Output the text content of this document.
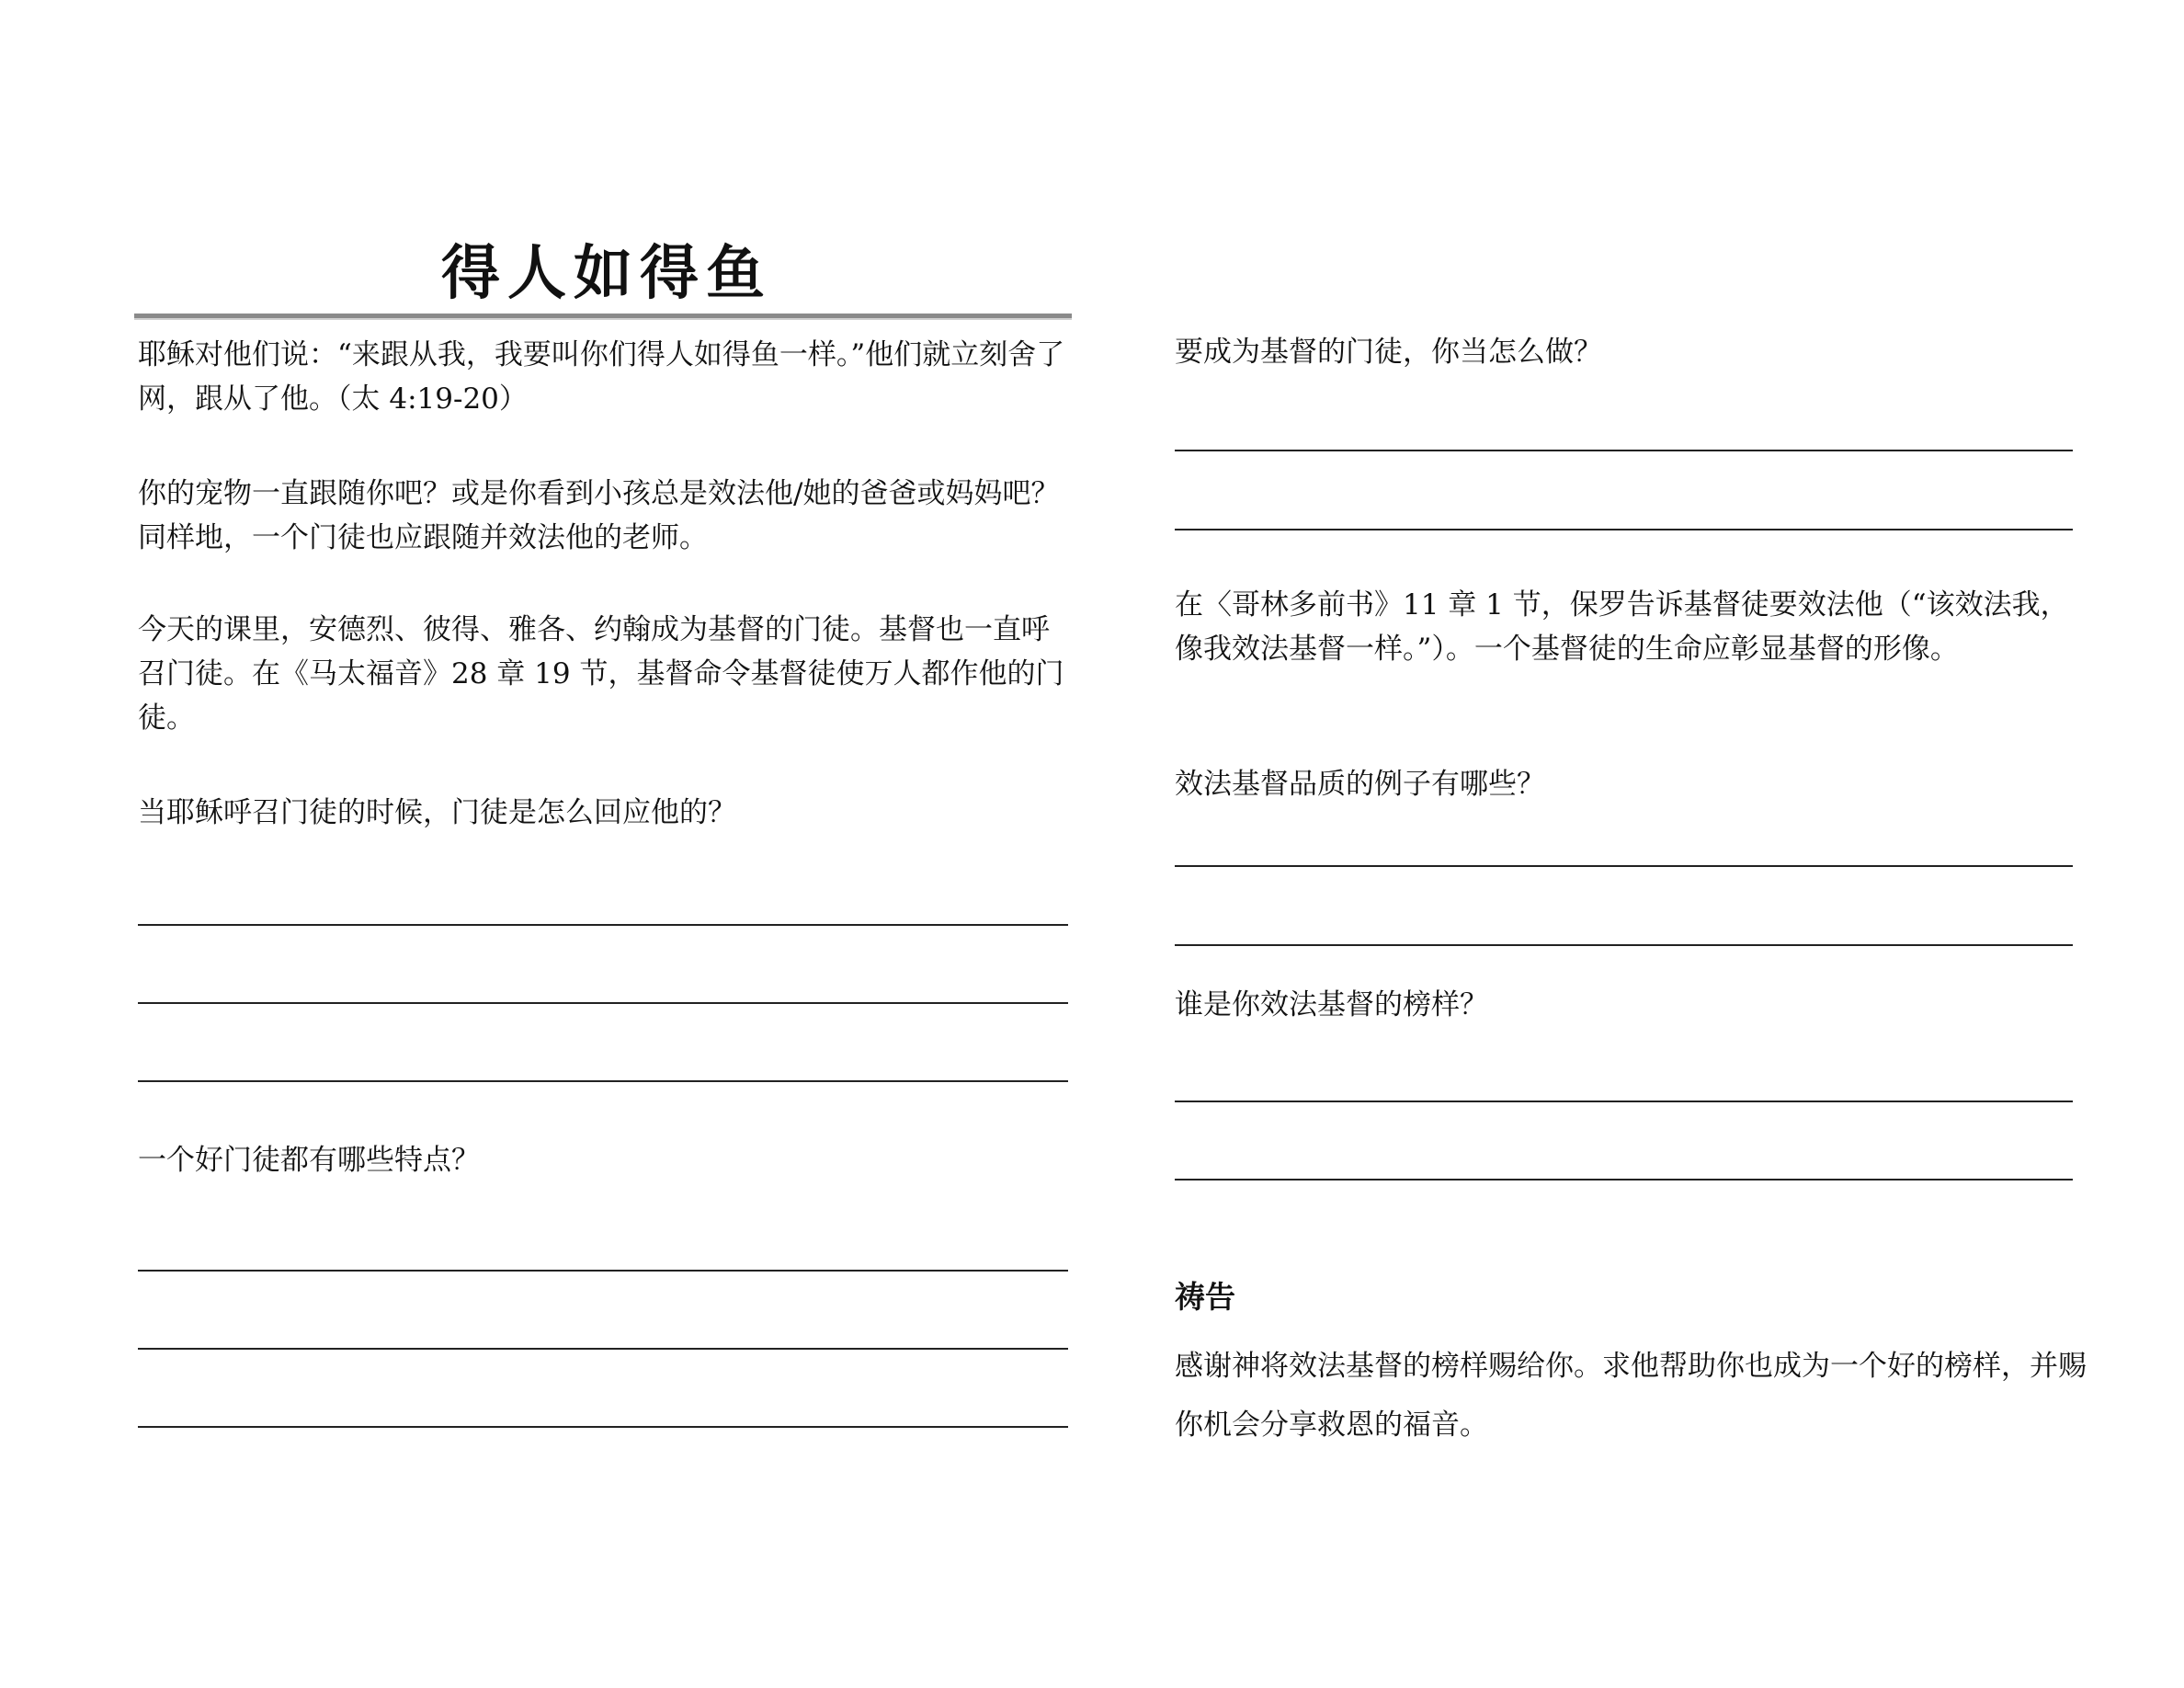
得人如得鱼

耶稣对他们说：“来跟从我，我要叫你们得人如得鱼一样。”他们就立刻舍了网，跟从了他。（太 4:19-20）

你的宠物一直跟随你吧？或是你看到小孩总是效法他/她的爸爸或妈妈吧？同样地，一个门徒也应跟随并效法他的老师。

今天的课里，安德烈、彼得、雅各、约翰成为基督的门徒。基督也一直呼召门徒。在《马太福音》28 章 19 节，基督命令基督徒使万人都作他的门徒。

当耶稣呼召门徒的时候，门徒是怎么回应他的？

一个好门徒都有哪些特点？

要成为基督的门徒，你当怎么做？

在〈哥林多前书》11 章 1 节，保罗告诉基督徒要效法他（“该效法我，像我效法基督一样。”）。一个基督徒的生命应彰显基督的形像。

效法基督品质的例子有哪些？

谁是你效法基督的榜样？

祷告

感谢神将效法基督的榜样赐给你。求他帮助你也成为一个好的榜样，并赐你机会分享救恩的福音。
